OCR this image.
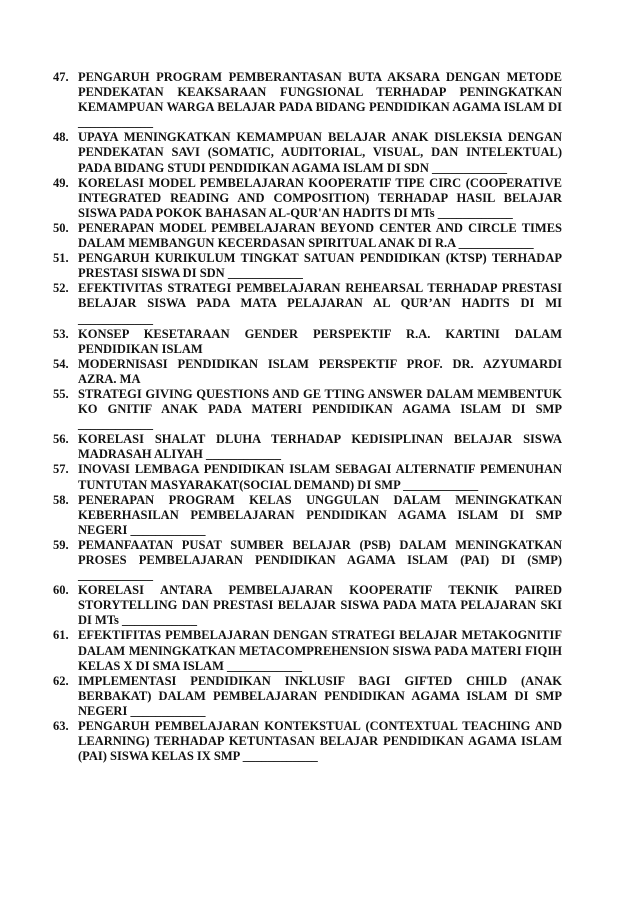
47. PENGARUH PROGRAM PEMBERANTASAN BUTA AKSARA DENGAN METODE PENDEKATAN KEAKSARAAN FUNGSIONAL TERHADAP PENINGKATKAN KEMAMPUAN WARGA BELAJAR PADA BIDANG PENDIDIKAN AGAMA ISLAM DI ____________
48. UPAYA MENINGKATKAN KEMAMPUAN BELAJAR ANAK DISLEKSIA DENGAN PENDEKATAN SAVI (SOMATIC, AUDITORIAL, VISUAL, DAN INTELEKTUAL) PADA BIDANG STUDI PENDIDIKAN AGAMA ISLAM DI SDN ____________
49. KORELASI MODEL PEMBELAJARAN KOOPERATIF TIPE CIRC (COOPERATIVE INTEGRATED READING AND COMPOSITION) TERHADAP HASIL BELAJAR SISWA PADA POKOK BAHASAN AL-QUR'AN HADITS DI MTs ____________
50. PENERAPAN MODEL PEMBELAJARAN BEYOND CENTER AND CIRCLE TIMES DALAM MEMBANGUN KECERDASAN SPIRITUAL ANAK DI R.A ____________
51. PENGARUH KURIKULUM TINGKAT SATUAN PENDIDIKAN (KTSP) TERHADAP PRESTASI SISWA DI SDN ____________
52. EFEKTIVITAS STRATEGI PEMBELAJARAN REHEARSAL TERHADAP PRESTASI BELAJAR SISWA PADA MATA PELAJARAN AL QUR’AN HADITS DI MI ____________
53. KONSEP KESETARAAN GENDER PERSPEKTIF R.A. KARTINI DALAM PENDIDIKAN ISLAM
54. MODERNISASI PENDIDIKAN ISLAM PERSPEKTIF PROF. DR. AZYUMARDI AZRA. MA
55. STRATEGI GIVING QUESTIONS AND GE TTING ANSWER DALAM MEMBENTUK KO GNITIF ANAK PADA MATERI PENDIDIKAN AGAMA ISLAM DI SMP ____________
56. KORELASI SHALAT DLUHA TERHADAP KEDISIPLINAN BELAJAR SISWA MADRASAH ALIYAH ____________
57. INOVASI LEMBAGA PENDIDIKAN ISLAM SEBAGAI ALTERNATIF PEMENUHAN TUNTUTAN MASYARAKAT(SOCIAL DEMAND) DI SMP ____________
58. PENERAPAN PROGRAM KELAS UNGGULAN DALAM MENINGKATKAN KEBERHASILAN PEMBELAJARAN PENDIDIKAN AGAMA ISLAM DI SMP NEGERI ____________
59. PEMANFAATAN PUSAT SUMBER BELAJAR (PSB) DALAM MENINGKATKAN PROSES PEMBELAJARAN PENDIDIKAN AGAMA ISLAM (PAI) DI (SMP) ____________
60. KORELASI ANTARA PEMBELAJARAN KOOPERATIF TEKNIK PAIRED STORYTELLING DAN PRESTASI BELAJAR SISWA PADA MATA PELAJARAN SKI DI MTs ____________
61. EFEKTIFITAS PEMBELAJARAN DENGAN STRATEGI BELAJAR METAKOGNITIF DALAM MENINGKATKAN METACOMPREHENSION SISWA PADA MATERI FIQIH KELAS X DI SMA ISLAM ____________
62. IMPLEMENTASI PENDIDIKAN INKLUSIF BAGI GIFTED CHILD (ANAK BERBAKAT) DALAM PEMBELAJARAN PENDIDIKAN AGAMA ISLAM DI SMP NEGERI ____________
63. PENGARUH PEMBELAJARAN KONTEKSTUAL (CONTEXTUAL TEACHING AND LEARNING) TERHADAP KETUNTASAN BELAJAR PENDIDIKAN AGAMA ISLAM (PAI) SISWA KELAS IX SMP ____________
